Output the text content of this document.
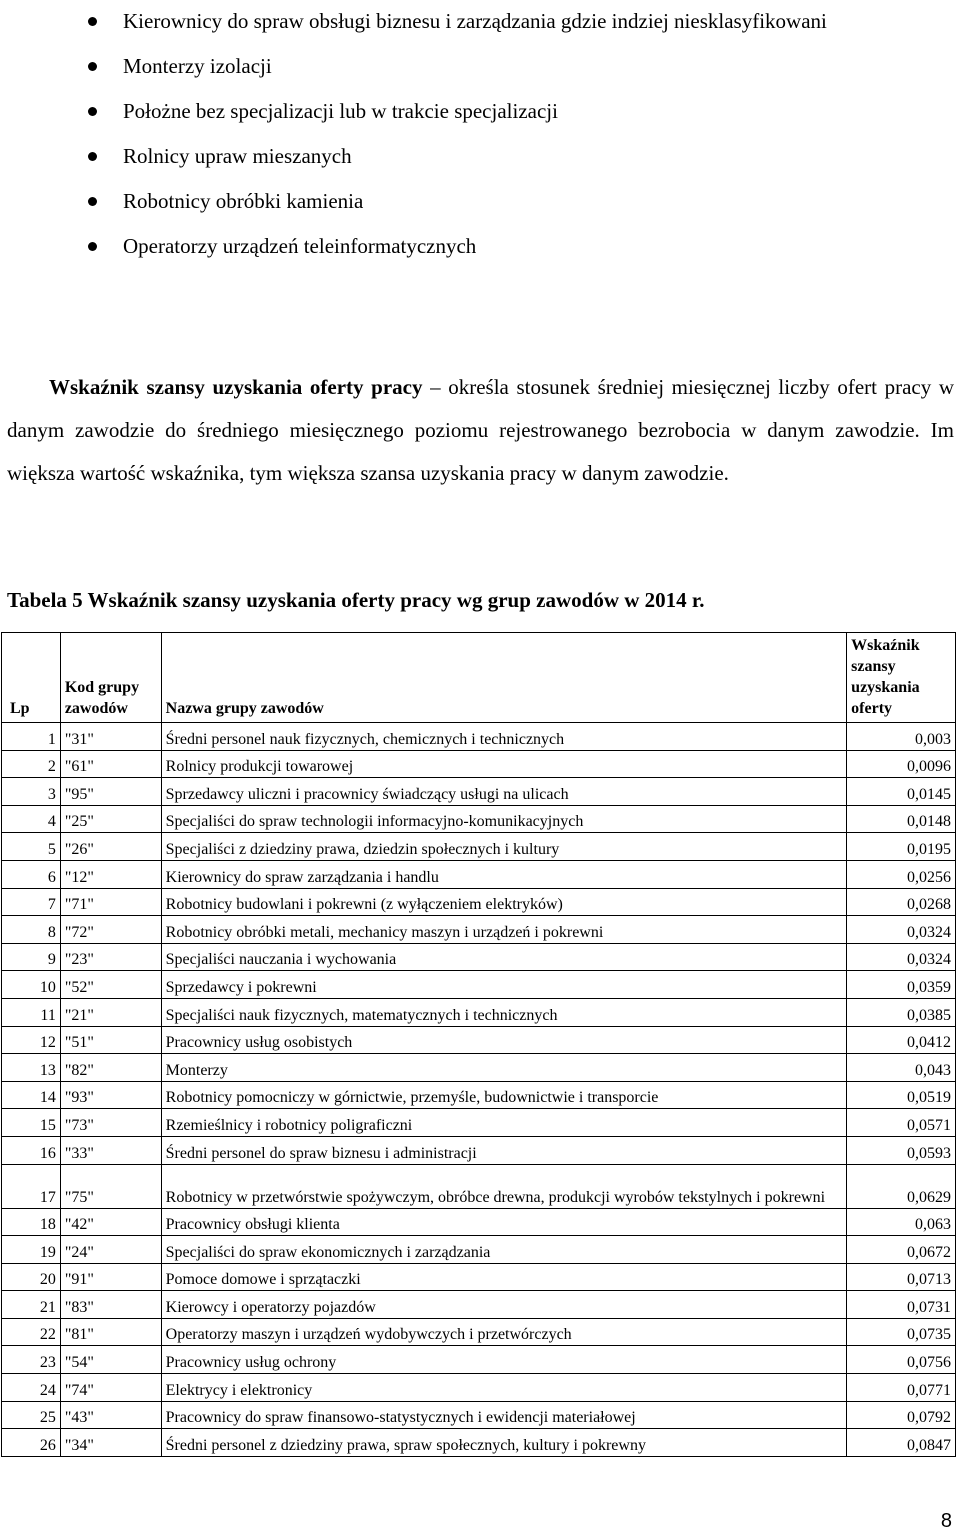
Kierownicy do spraw obsługi biznesu i zarządzania gdzie indziej niesklasyfikowani
Monterzy izolacji
Położne bez specjalizacji lub w trakcie specjalizacji
Rolnicy upraw mieszanych
Robotnicy obróbki kamienia
Operatorzy urządzeń teleinformatycznych

Wskaźnik szansy uzyskania oferty pracy – określa stosunek średniej miesięcznej liczby ofert pracy w danym zawodzie do średniego miesięcznego poziomu rejestrowanego bezrobocia w danym zawodzie. Im większa wartość wskaźnika, tym większa szansa uzyskania pracy w danym zawodzie.

Tabela 5 Wskaźnik szansy uzyskania oferty pracy wg grup zawodów w 2014 r.

Lp	Kod grupy zawodów	Nazwa grupy zawodów	Wskaźnik szansy uzyskania oferty
1	"31"	Średni personel nauk fizycznych, chemicznych i technicznych	0,003
2	"61"	Rolnicy produkcji towarowej	0,0096
3	"95"	Sprzedawcy uliczni i pracownicy świadczący usługi na ulicach	0,0145
4	"25"	Specjaliści do spraw technologii informacyjno-komunikacyjnych	0,0148
5	"26"	Specjaliści z dziedziny prawa, dziedzin społecznych i kultury	0,0195
6	"12"	Kierownicy do spraw zarządzania i handlu	0,0256
7	"71"	Robotnicy budowlani i pokrewni (z wyłączeniem elektryków)	0,0268
8	"72"	Robotnicy obróbki metali, mechanicy maszyn i urządzeń i pokrewni	0,0324
9	"23"	Specjaliści nauczania i wychowania	0,0324
10	"52"	Sprzedawcy i pokrewni	0,0359
11	"21"	Specjaliści nauk fizycznych, matematycznych i technicznych	0,0385
12	"51"	Pracownicy usług osobistych	0,0412
13	"82"	Monterzy	0,043
14	"93"	Robotnicy pomocniczy w górnictwie, przemyśle, budownictwie i transporcie	0,0519
15	"73"	Rzemieślnicy i robotnicy poligraficzni	0,0571
16	"33"	Średni personel do spraw biznesu i administracji	0,0593
17	"75"	Robotnicy w przetwórstwie spożywczym, obróbce drewna, produkcji wyrobów tekstylnych i pokrewni	0,0629
18	"42"	Pracownicy obsługi klienta	0,063
19	"24"	Specjaliści do spraw ekonomicznych i zarządzania	0,0672
20	"91"	Pomoce domowe i sprzątaczki	0,0713
21	"83"	Kierowcy i operatorzy pojazdów	0,0731
22	"81"	Operatorzy maszyn i urządzeń wydobywczych i przetwórczych	0,0735
23	"54"	Pracownicy usług ochrony	0,0756
24	"74"	Elektrycy i elektronicy	0,0771
25	"43"	Pracownicy do spraw finansowo-statystycznych i ewidencji materiałowej	0,0792
26	"34"	Średni personel z dziedziny prawa, spraw społecznych, kultury i pokrewny	0,0847
8
